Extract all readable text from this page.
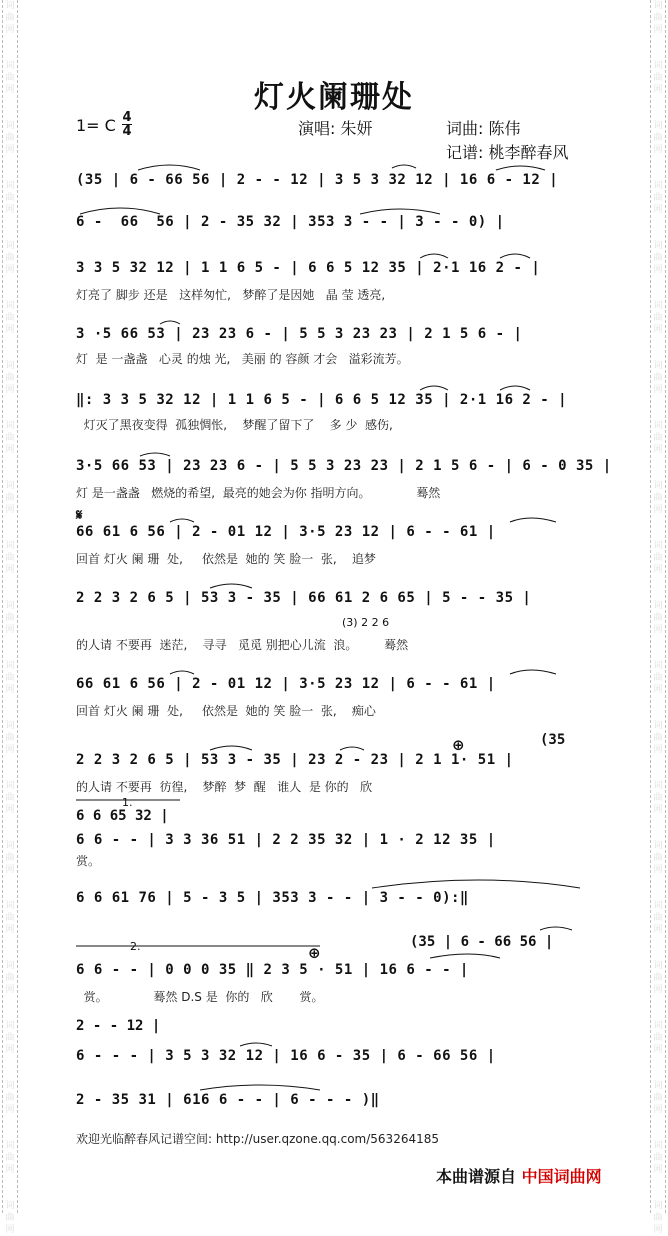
词
曲
网
词
曲
网
词
曲
网
词
曲
网
词
曲
网
词
曲
网
词
曲
网
词
曲
网
词
曲
网
词
曲
网
词
曲
网
词
曲
网
词
曲
网
词
曲
网
词
曲
网
词
曲
网
词
曲
网
词
曲
网
词
曲
网
词
曲
网
词
曲
网
词
曲
网
词
曲
网
词
曲
网
词
曲
网
词
曲
网
词
曲
网
词
曲
网
词
曲
网
词
曲
网
词
曲
网
词
曲
网
词
曲
网
词
曲
网
词
曲
网
词
曲
网
词
曲
网
词
曲
网
词
曲
网
词
曲
网
词
曲
网
词
曲
网
灯火阑珊处
1= C 4
4	演唱: 朱妍	词曲: 陈伟
记谱: 桃李醉春风
(35 | 6 - 66 56 | 2 - - 12 | 3 5 3 32 12 | 16 6 - 12 |
6 -  66  56 | 2 - 35 32 | 353 3 - - | 3 - - 0) |
3 3 5 32 12 | 1 1 6 5 - | 6 6 5 12 35 | 2·1 16 2 - |
灯亮了 脚步 还是   这样匆忙,   梦醉了是因她   晶 莹 透亮,
3 ·5 66 53 | 23 23 6 - | 5 5 3 23 23 | 2 1 5 6 - |
灯  是 一盏盏   心灵 的烛 光,   美丽 的 容颜 才会   溢彩流芳。
‖: 3 3 5 32 12 | 1 1 6 5 - | 6 6 5 12 35 | 2·1 16 2 - |
灯灭了黑夜变得  孤独惆怅,    梦醒了留下了    多 少  感伤,
3·5 66 53 | 23 23 6 - | 5 5 3 23 23 | 2 1 5 6 - | 6 - 0 35 |
灯 是一盏盏   燃烧的希望,  最亮的她会为你 指明方向。            蓦然
𝄋
66 61 6 56 | 2 - 01 12 | 3·5 23 12 | 6 - - 61 |
回首 灯火 阑 珊  处,     依然是  她的 笑 脸一  张,    追梦
2 2 3 2 6 5 | 53 3 - 35 | 66 61 2 6 65 | 5 - - 35 |
(3) 2 2 6
的人请 不要再  迷茫,    寻寻   觅觅 别把心儿流  浪。       蓦然
66 61 6 56 | 2 - 01 12 | 3·5 23 12 | 6 - - 61 |
回首 灯火 阑 珊  处,     依然是  她的 笑 脸一  张,    痴心
(35
⊕
2 2 3 2 6 5 | 53 3 - 35 | 23 2 - 23 | 2 1 1· 51 |
的人请 不要再  彷徨,    梦醉  梦  醒   谁人  是 你的   欣
1.
6 6 65 32 |
6 6 - - | 3 3 36 51 | 2 2 35 32 | 1 · 2 12 35 |
赏。
6 6 61 76 | 5 - 3 5 | 353 3 - - | 3 - - 0):‖
2.	(35 | 6 - 66 56 |
⊕
6 6 - - | 0 0 0 35 ‖ 2 3 5 · 51 | 16 6 - - |
赏。            蓦然 D.S 是  你的   欣       赏。
2 - - 12 |
6 - - - | 3 5 3 32 12 | 16 6 - 35 | 6 - 66 56 |
2 - 35 31 | 616 6 - - | 6 - - - )‖
欢迎光临醉春风记谱空间: http://user.qzone.qq.com/563264185
本曲谱源自 中国词曲网
